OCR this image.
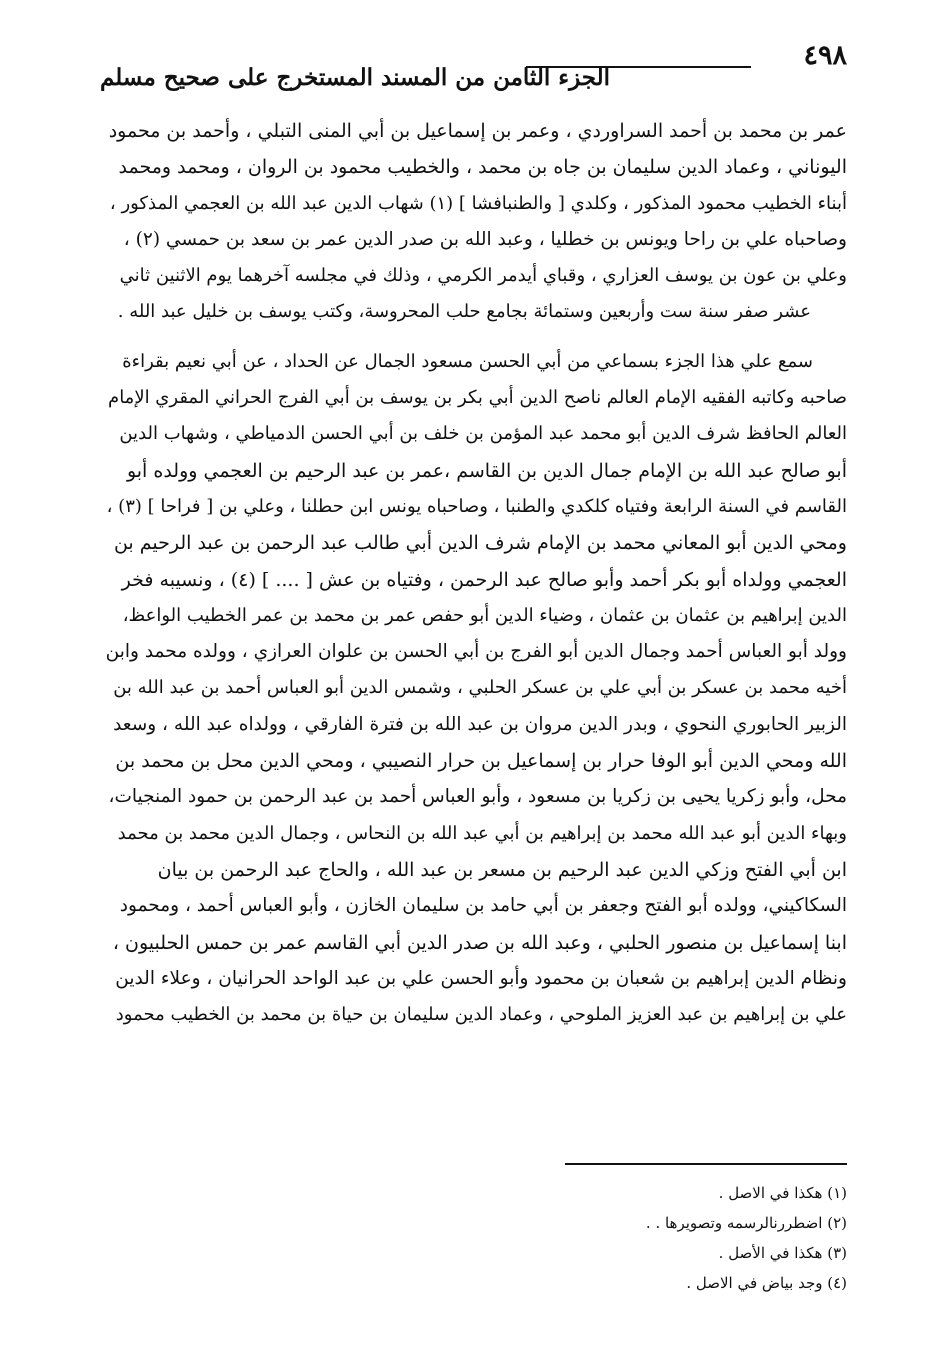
٤٩٨
الجزء الثامن من المسند المستخرج على صحيح مسلم
عمر بن محمد بن أحمد السراوردي ، وعمر بن إسماعيل بن أبي المنى التبلي ، وأحمد بن محمود
اليوناني ، وعماد الدين سليمان بن جاه بن محمد ، والخطيب محمود بن الروان ، ومحمد ومحمد
أبناء الخطيب محمود المذكور ، وكلدي [ والطنبافشا ] (١) شهاب الدين عبد الله بن العجمي المذكور ،
وصاحباه علي بن راحا ويونس بن خطليا ، وعبد الله بن صدر الدين عمر بن سعد بن حمسي (٢) ،
وعلي بن عون بن يوسف العزاري ، وقباي أيدمر الكرمي ، وذلك في مجلسه آخرهما يوم الاثنين ثاني
عشر صفر سنة ست وأربعين وستمائة بجامع حلب المحروسة، وكتب يوسف بن خليل عبد الله .
سمع علي هذا الجزء بسماعي من أبي الحسن مسعود الجمال عن الحداد ، عن أبي نعيم بقراءة
صاحبه وكاتبه الفقيه الإمام العالم ناصح الدين أبي بكر بن يوسف بن أبي الفرج الحراني المقري الإمام
العالم الحافظ شرف الدين أبو محمد عبد المؤمن بن خلف بن أبي الحسن الدمياطي ، وشهاب الدين
أبو صالح عبد الله بن الإمام جمال الدين بن القاسم ،عمر بن عبد الرحيم بن العجمي وولده أبو
القاسم في السنة الرابعة وفتياه كلكدي والطنبا ، وصاحباه يونس ابن حطلنا ، وعلي بن [ فراحا ] (٣) ،
ومحي الدين أبو المعاني محمد بن الإمام شرف الدين أبي طالب عبد الرحمن بن عبد الرحيم بن
العجمي وولداه أبو بكر أحمد وأبو صالح عبد الرحمن ، وفتياه بن عش [ .... ] (٤) ، ونسيبه فخر
الدين إبراهيم بن عثمان بن عثمان ، وضياء الدين أبو حفص عمر بن محمد بن عمر الخطيب الواعظ،
وولد أبو العباس أحمد وجمال الدين أبو الفرج بن أبي الحسن بن علوان العرازي ، وولده محمد وابن
أخيه محمد بن عسكر بن أبي علي بن عسكر الحلبي ، وشمس الدين أبو العباس أحمد بن عبد الله بن
الزبير الحابوري النحوي ، وبدر الدين مروان بن عبد الله بن فترة الفارقي ، وولداه عبد الله ، وسعد
الله ومحي الدين أبو الوفا حرار بن إسماعيل بن حرار النصيبي ، ومحي الدين محل بن محمد بن
محل، وأبو زكريا يحيى بن زكريا بن مسعود ، وأبو العباس أحمد بن عبد الرحمن بن حمود المنجيات،
وبهاء الدين أبو عبد الله محمد بن إبراهيم بن أبي عبد الله بن النحاس ، وجمال الدين محمد بن محمد
ابن أبي الفتح وزكي الدين عبد الرحيم بن مسعر بن عبد الله ، والحاج عبد الرحمن بن بيان
السكاكيني، وولده أبو الفتح وجعفر بن أبي حامد بن سليمان الخازن ، وأبو العباس أحمد ، ومحمود
ابنا إسماعيل بن منصور الحلبي ، وعبد الله بن صدر الدين أبي القاسم عمر بن حمس الحلبيون ،
ونظام الدين إبراهيم بن شعبان بن محمود وأبو الحسن علي بن عبد الواحد الحرانيان ، وعلاء الدين
علي بن إبراهيم بن عبد العزيز الملوحي ، وعماد الدين سليمان بن حياة بن محمد بن الخطيب محمود
(١) هكذا في الاصل .
(٢) اضطررنالرسمه وتصويرها . .
(٣) هكذا في الأصل .
(٤) وجد بياض في الاصل .
